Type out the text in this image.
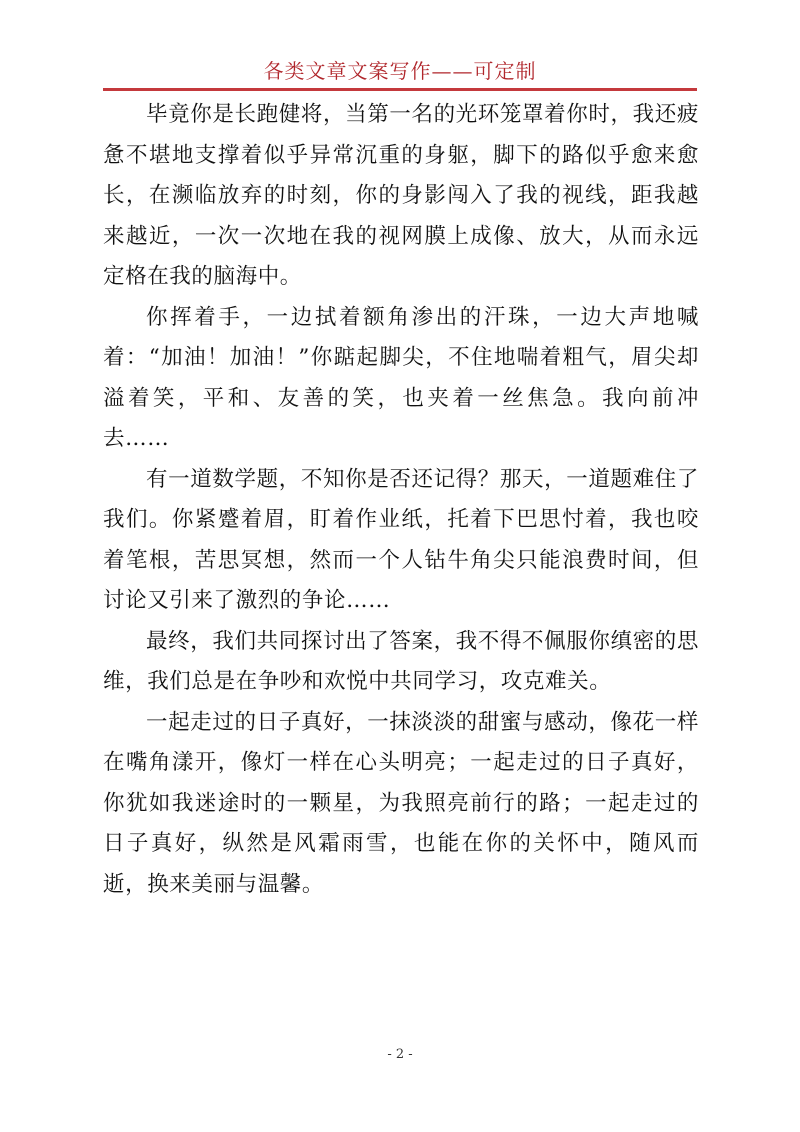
各类文章文案写作——可定制

毕竟你是长跑健将，当第一名的光环笼罩着你时，我还疲惫不堪地支撑着似乎异常沉重的身躯，脚下的路似乎愈来愈长，在濒临放弃的时刻，你的身影闯入了我的视线，距我越来越近，一次一次地在我的视网膜上成像、放大，从而永远定格在我的脑海中。

你挥着手，一边拭着额角渗出的汗珠，一边大声地喊着：“加油！加油！”你踮起脚尖，不住地喘着粗气，眉尖却溢着笑，平和、友善的笑，也夹着一丝焦急。我向前冲去……

有一道数学题，不知你是否还记得？那天，一道题难住了我们。你紧蹙着眉，盯着作业纸，托着下巴思忖着，我也咬着笔根，苦思冥想，然而一个人钻牛角尖只能浪费时间，但讨论又引来了激烈的争论……

最终，我们共同探讨出了答案，我不得不佩服你缜密的思维，我们总是在争吵和欢悦中共同学习，攻克难关。

一起走过的日子真好，一抹淡淡的甜蜜与感动，像花一样在嘴角漾开，像灯一样在心头明亮；一起走过的日子真好，你犹如我迷途时的一颗星，为我照亮前行的路；一起走过的日子真好，纵然是风霜雨雪，也能在你的关怀中，随风而逝，换来美丽与温馨。

- 2 -
